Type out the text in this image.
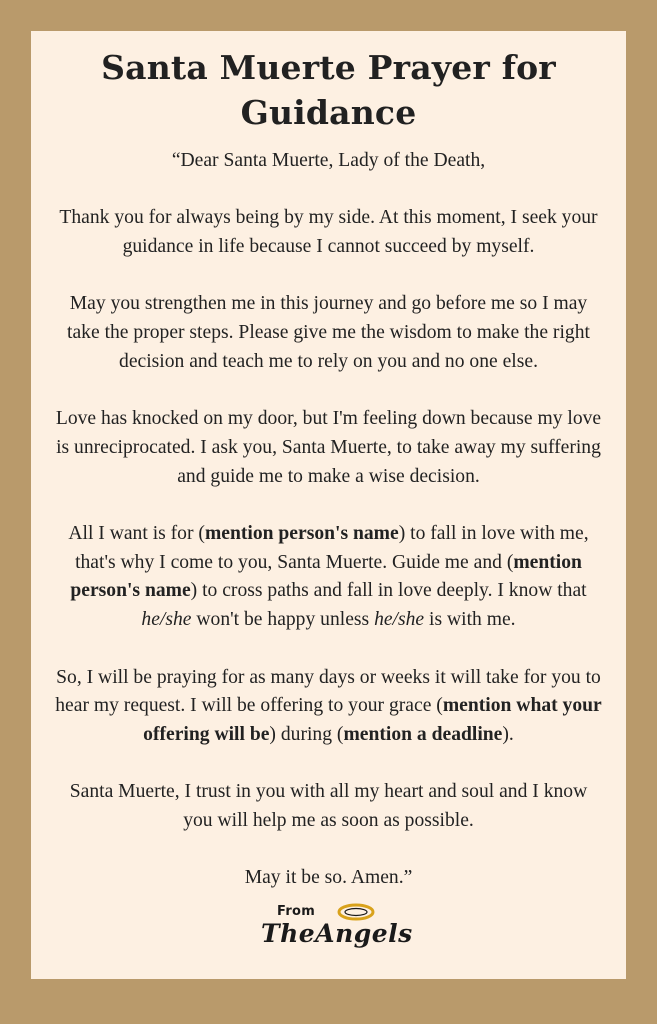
Santa Muerte Prayer for Guidance

“Dear Santa Muerte, Lady of the Death,

Thank you for always being by my side. At this moment, I seek your guidance in life because I cannot succeed by myself.

May you strengthen me in this journey and go before me so I may take the proper steps. Please give me the wisdom to make the right decision and teach me to rely on you and no one else.

Love has knocked on my door, but I'm feeling down because my love is unreciprocated. I ask you, Santa Muerte, to take away my suffering and guide me to make a wise decision.

All I want is for (mention person's name) to fall in love with me, that's why I come to you, Santa Muerte. Guide me and (mention person's name) to cross paths and fall in love deeply. I know that he/she won't be happy unless he/she is with me.

So, I will be praying for as many days or weeks it will take for you to hear my request. I will be offering to your grace (mention what your offering will be) during (mention a deadline).

Santa Muerte, I trust in you with all my heart and soul and I know you will help me as soon as possible.

May it be so. Amen.”

From
TheAngels
